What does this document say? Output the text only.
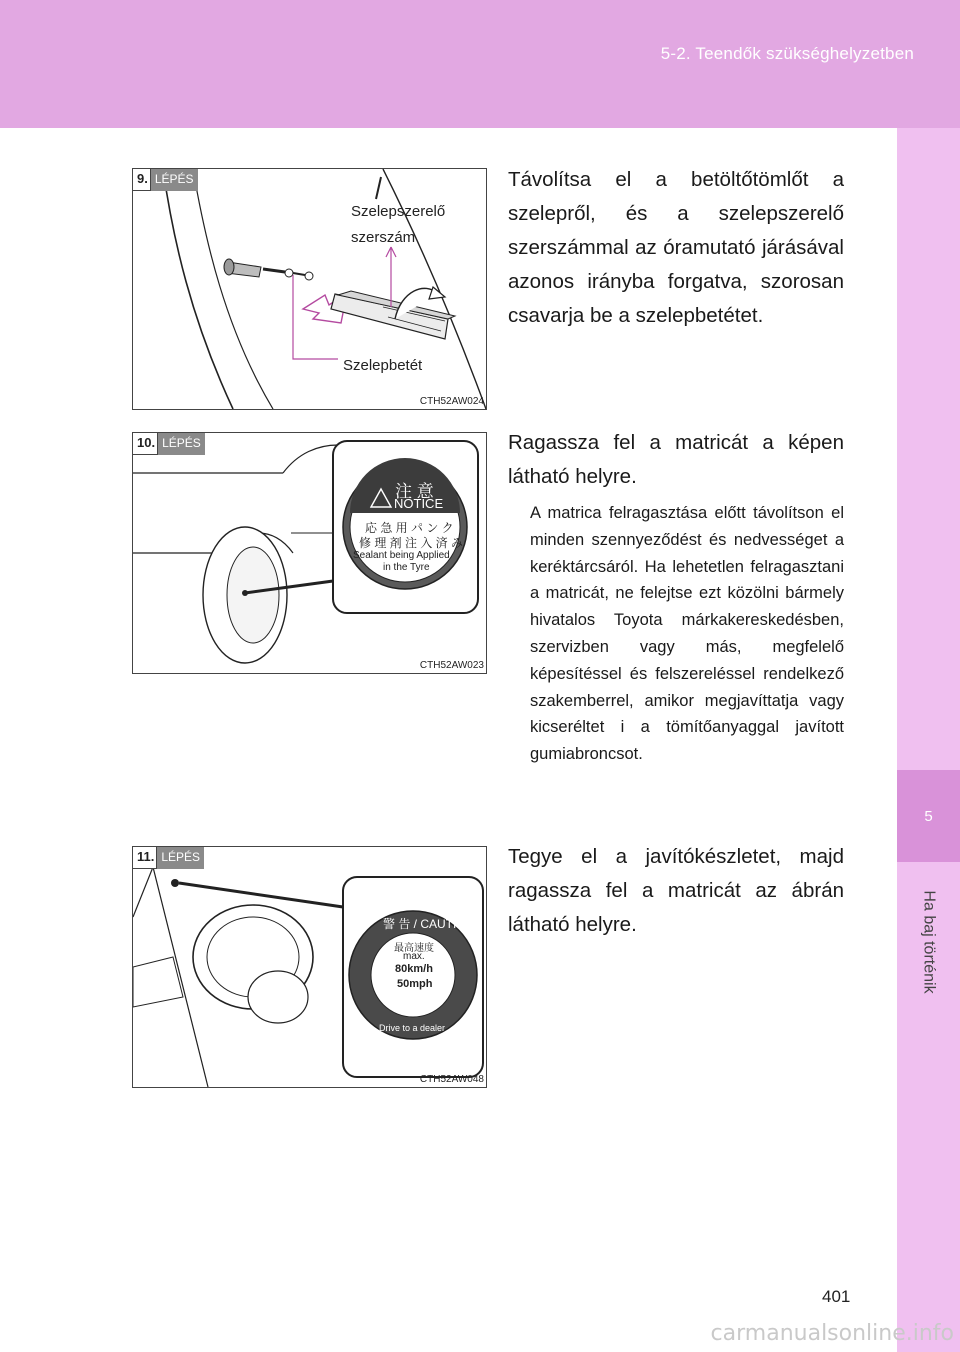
5-2. Teendők szükséghelyzetben
5
Ha baj történik
9. LÉPÉS
Szelepszerelő
szerszám
Szelepbetét
CTH52AW024
Távolítsa el a betöltőtömlőt a szelepről, és a szelepszerelő szerszámmal az óramutató járásával azonos irányba forgatva, szorosan csavarja be a szelepbetétet.
10. LÉPÉS
注 意
NOTICE
応 急 用 パ ン ク
修 理 剤 注 入 済 み
Sealant being Applied
in the Tyre
CTH52AW023
Ragassza fel a matricát a képen látható helyre.
A matrica felragasztása előtt távolítson el minden szennyeződést és nedvességet a keréktárcsáról. Ha lehetetlen felragasztani a matricát, ne felejtse ezt közölni bármely hivatalos Toyota márkakereskedésben, szervizben vagy más, megfelelő képesítéssel és felszereléssel rendelkező szakemberrel, amikor megjavíttatja vagy kicseréltet i a tömítőanyaggal javított gumiabroncsot.
11. LÉPÉS
警 告 / CAUTION
最高速度
max.
80km/h
50mph
Drive to a dealer
CTH52AW048
Tegye el a javítókészletet, majd ragassza fel a matricát az ábrán látható helyre.
401
carmanualsonline.info
